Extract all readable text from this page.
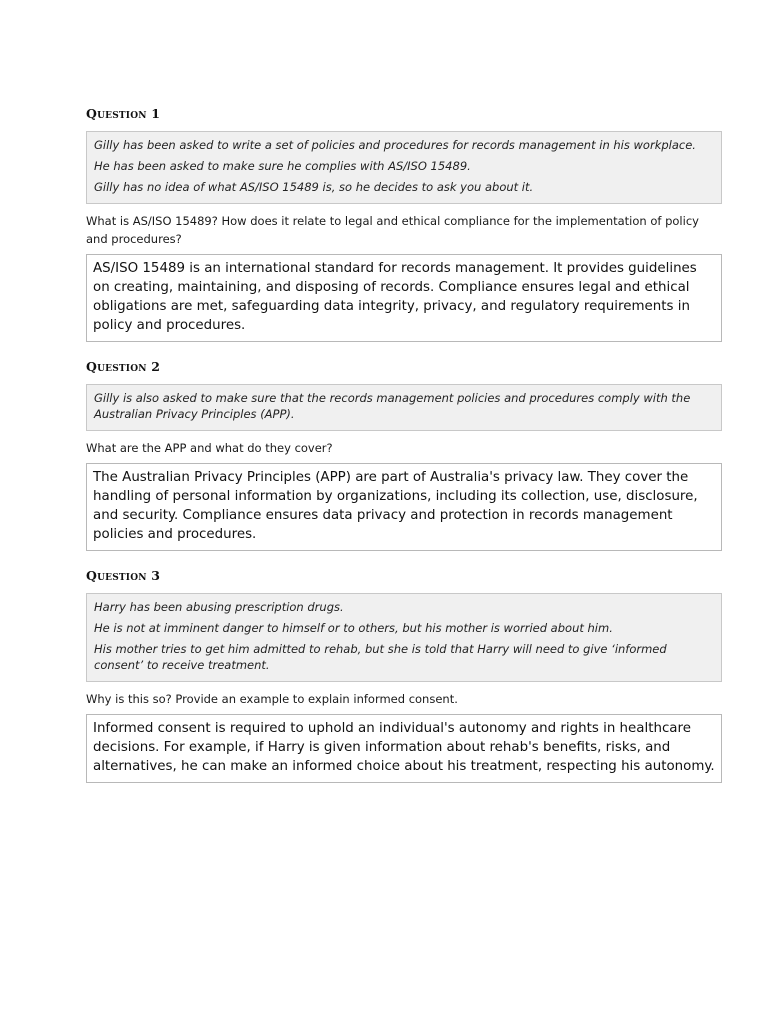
Question 1

Gilly has been asked to write a set of policies and procedures for records management in his workplace.

He has been asked to make sure he complies with AS/ISO 15489.

Gilly has no idea of what AS/ISO 15489 is, so he decides to ask you about it.

What is AS/ISO 15489? How does it relate to legal and ethical compliance for the implementation of policy and procedures?
AS/ISO 15489 is an international standard for records management. It provides guidelines on creating, maintaining, and disposing of records. Compliance ensures legal and ethical obligations are met, safeguarding data integrity, privacy, and regulatory requirements in policy and procedures.
Question 2

Gilly is also asked to make sure that the records management policies and procedures comply with the Australian Privacy Principles (APP).

What are the APP and what do they cover?
The Australian Privacy Principles (APP) are part of Australia's privacy law. They cover the handling of personal information by organizations, including its collection, use, disclosure, and security. Compliance ensures data privacy and protection in records management policies and procedures.
Question 3

Harry has been abusing prescription drugs.

He is not at imminent danger to himself or to others, but his mother is worried about him.

His mother tries to get him admitted to rehab, but she is told that Harry will need to give ‘informed consent’ to receive treatment.

Why is this so? Provide an example to explain informed consent.
Informed consent is required to uphold an individual's autonomy and rights in healthcare decisions. For example, if Harry is given information about rehab's benefits, risks, and alternatives, he can make an informed choice about his treatment, respecting his autonomy.
